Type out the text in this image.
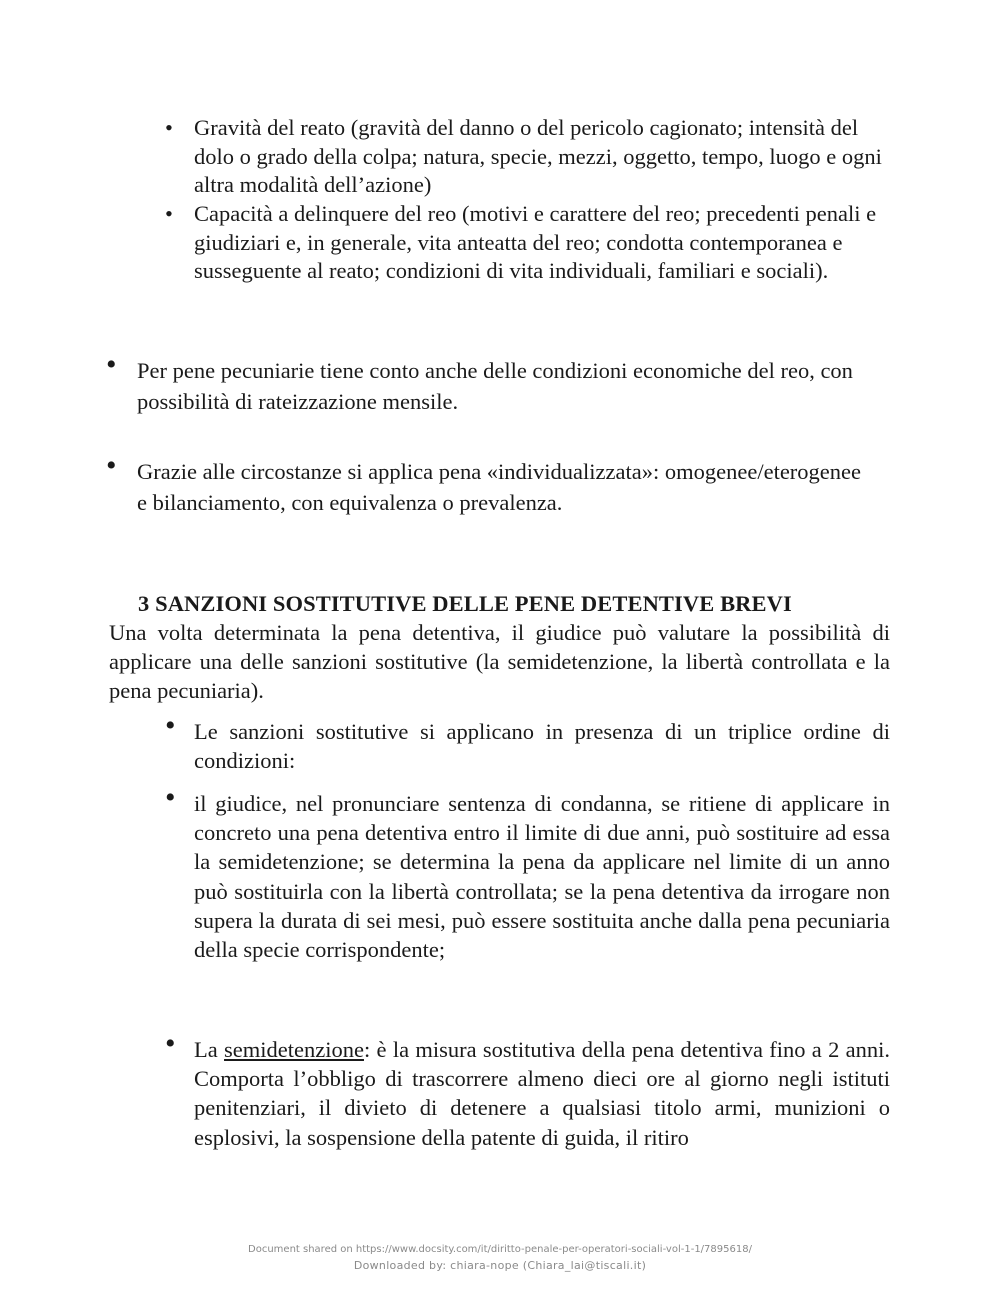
• Gravità del reato (gravità del danno o del pericolo cagionato; intensità del dolo o grado della colpa; natura, specie, mezzi, oggetto, tempo, luogo e ogni altra modalità dell’azione)
• Capacità a delinquere del reo (motivi e carattere del reo; precedenti penali e giudiziari e, in generale, vita anteatta del reo; condotta contemporanea e susseguente al reato; condizioni di vita individuali, familiari e sociali).
• Per pene pecuniarie tiene conto anche delle condizioni economiche del reo, con possibilità di rateizzazione mensile.
• Grazie alle circostanze si applica pena «individualizzata»: omogenee/eterogenee e bilanciamento, con equivalenza o prevalenza.
3 SANZIONI SOSTITUTIVE DELLE PENE DETENTIVE BREVI
Una volta determinata la pena detentiva, il giudice può valutare la possibilità di applicare una delle sanzioni sostitutive (la semidetenzione, la libertà controllata e la pena pecuniaria).
• Le sanzioni sostitutive si applicano in presenza di un triplice ordine di condizioni:
• il giudice, nel pronunciare sentenza di condanna, se ritiene di applicare in concreto una pena detentiva entro il limite di due anni, può sostituire ad essa la semidetenzione; se determina la pena da applicare nel limite di un anno può sostituirla con la libertà controllata; se la pena detentiva da irrogare non supera la durata di sei mesi, può essere sostituita anche dalla pena pecuniaria della specie corrispondente;
• La semidetenzione: è la misura sostitutiva della pena detentiva fino a 2 anni. Comporta l’obbligo di trascorrere almeno dieci ore al giorno negli istituti penitenziari, il divieto di detenere a qualsiasi titolo armi, munizioni o esplosivi, la sospensione della patente di guida, il ritiro
Document shared on https://www.docsity.com/it/diritto-penale-per-operatori-sociali-vol-1-1/7895618/
Downloaded by: chiara-nope (Chiara_lai@tiscali.it)
